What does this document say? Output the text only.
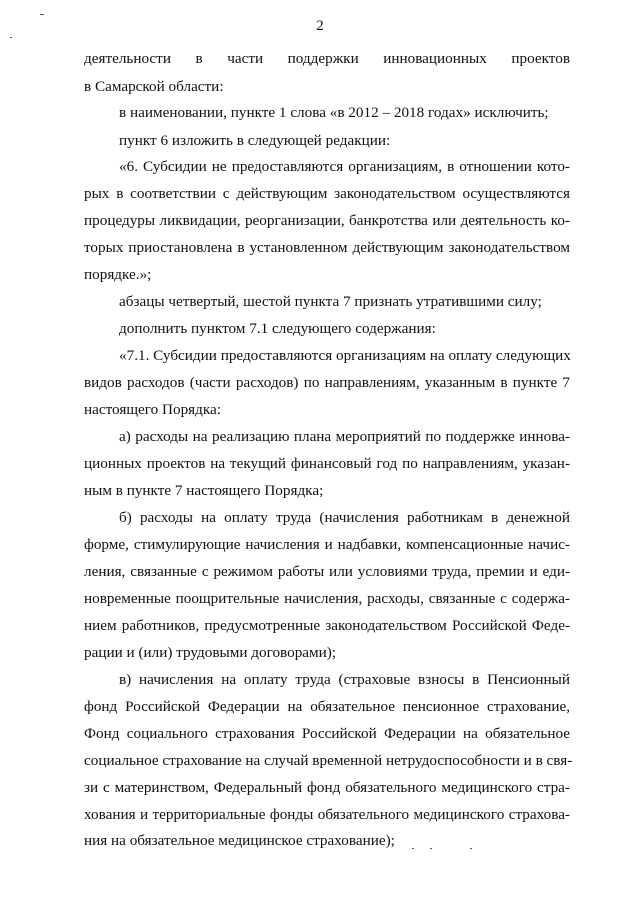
2
деятельности в части поддержки инновационных проектов
в Самарской области:
в наименовании, пункте 1 слова «в 2012 – 2018 годах» исключить;
пункт 6 изложить в следующей редакции:
«6. Субсидии не предоставляются организациям, в отношении кото-
рых в соответствии с действующим законодательством осуществляются
процедуры ликвидации, реорганизации, банкротства или деятельность ко-
торых приостановлена в установленном действующим законодательством
порядке.»;
абзацы четвертый, шестой пункта 7 признать утратившими силу;
дополнить пунктом 7.1 следующего содержания:
«7.1. Субсидии предоставляются организациям на оплату следующих
видов расходов (части расходов) по направлениям, указанным в пункте 7
настоящего Порядка:
а) расходы на реализацию плана мероприятий по поддержке иннова-
ционных проектов на текущий финансовый год по направлениям, указан-
ным в пункте 7 настоящего Порядка;
б) расходы на оплату труда (начисления работникам в денежной
форме, стимулирующие начисления и надбавки, компенсационные начис-
ления, связанные с режимом работы или условиями труда, премии и еди-
новременные поощрительные начисления, расходы, связанные с содержа-
нием работников, предусмотренные законодательством Российской Феде-
рации и (или) трудовыми договорами);
в) начисления на оплату труда (страховые взносы в Пенсионный
фонд Российской Федерации на обязательное пенсионное страхование,
Фонд социального страхования Российской Федерации на обязательное
социальное страхование на случай временной нетрудоспособности и в свя-
зи с материнством, Федеральный фонд обязательного медицинского стра-
хования и территориальные фонды обязательного медицинского страхова-
ния на обязательное медицинское страхование);
